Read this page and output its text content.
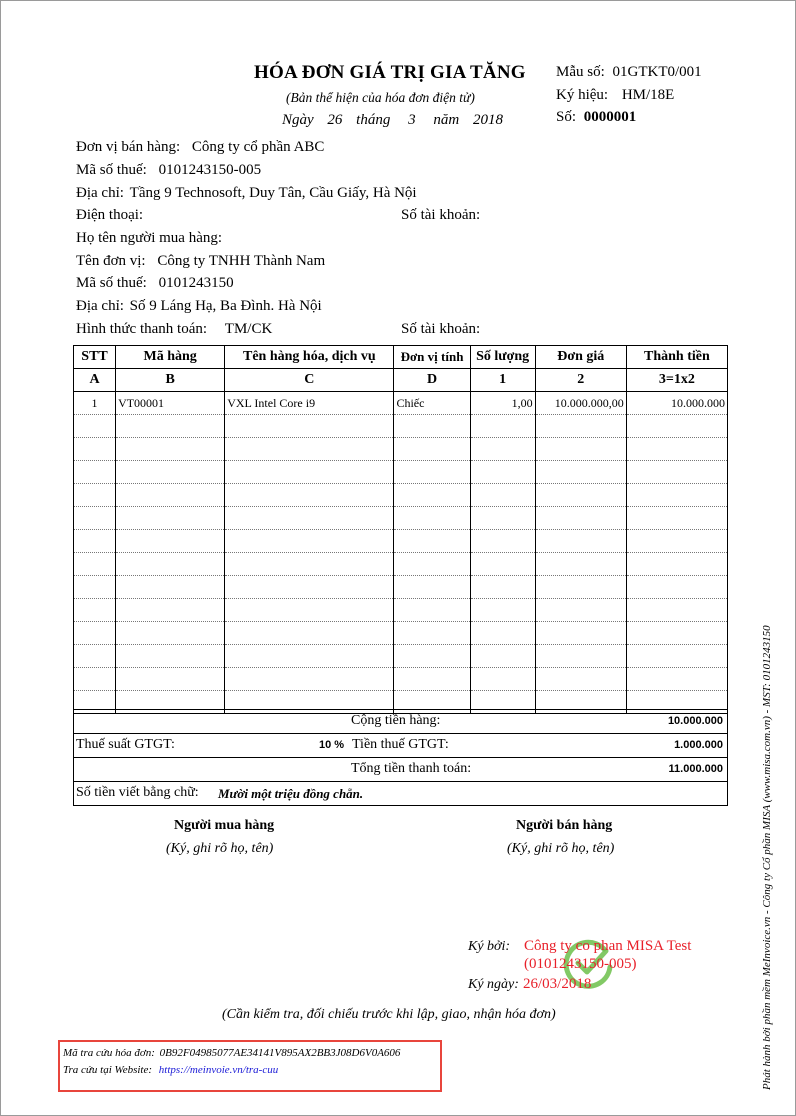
HÓA ĐƠN GIÁ TRỊ GIA TĂNG
(Bản thể hiện của hóa đơn điện tử)
Ngày 26 tháng 3 năm 2018
Mẫu số: 01GTKT0/001
Ký hiệu: HM/18E
Số: 0000001
Đơn vị bán hàng: Công ty cổ phần ABC
Mã số thuế: 0101243150-005
Địa chỉ: Tầng 9 Technosoft, Duy Tân, Cầu Giấy, Hà Nội
Điện thoại:	Số tài khoản:
Họ tên người mua hàng:
Tên đơn vị: Công ty TNHH Thành Nam
Mã số thuế: 0101243150
Địa chỉ: Số 9 Láng Hạ, Ba Đình. Hà Nội
Hình thức thanh toán: TM/CK	Số tài khoản:
STT	Mã hàng	Tên hàng hóa, dịch vụ	Đơn vị tính	Số lượng	Đơn giá	Thành tiền
A	B	C	D	1	2	3=1x2
1	VT00001	VXL Intel Core i9	Chiếc	1,00	10.000.000,00	10.000.000

Cộng tiền hàng:	10.000.000
Thuế suất GTGT:	10 % Tiền thuế GTGT:	1.000.000
Tổng tiền thanh toán:	11.000.000
Số tiền viết bằng chữ: Mười một triệu đồng chẵn.
Người mua hàng
(Ký, ghi rõ họ, tên)
Người bán hàng
(Ký, ghi rõ họ, tên)
Ký bởi: Công ty co phan MISA Test
(0101243150-005)
Ký ngày: 26/03/2018
(Cần kiểm tra, đối chiếu trước khi lập, giao, nhận hóa đơn)
Mã tra cứu hóa đơn: 0B92F04985077AE34141V895AX2BB3J08D6V0A606
Tra cứu tại Website: https://meinvoie.vn/tra-cuu	Phát hành bởi phần mềm MeInvoice.vn - Công ty Cổ phần MISA (www.misa.com.vn) - MST: 0101243150
